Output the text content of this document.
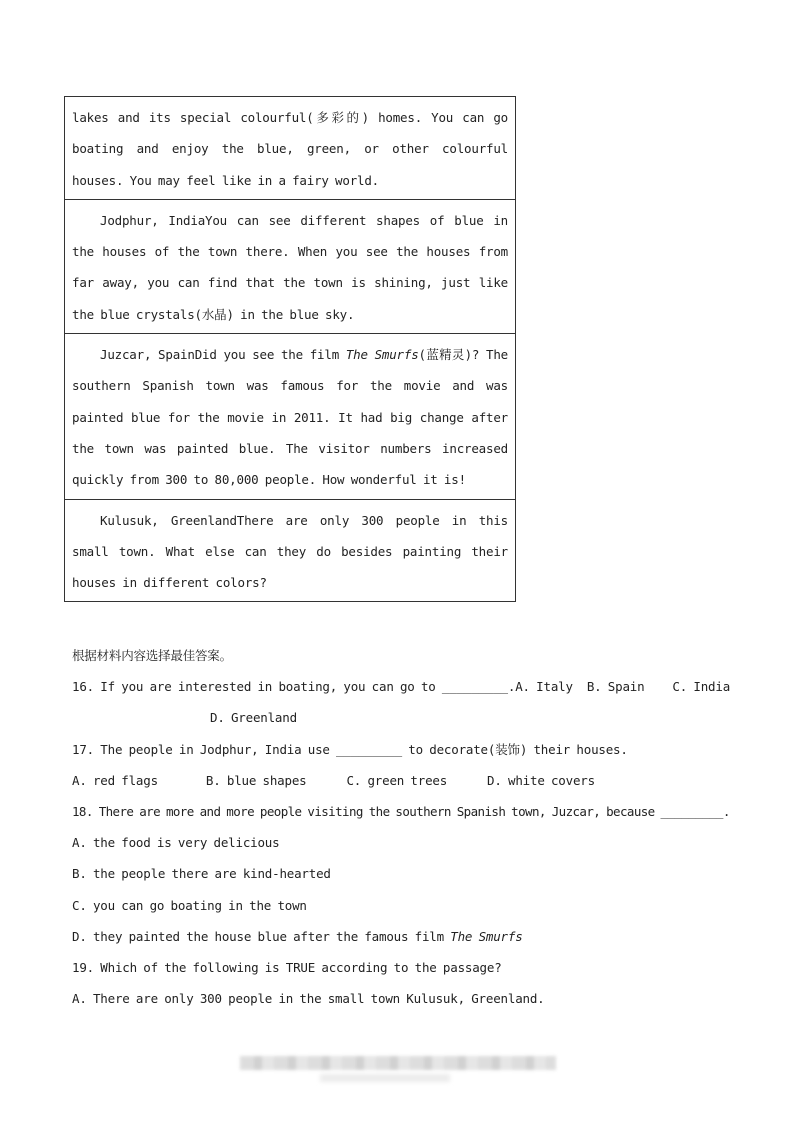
lakes and its special colourful(多彩的) homes. You can go boating and enjoy the blue, green, or other colourful houses. You may feel like in a fairy world.
Jodphur, IndiaYou can see different shapes of blue in the houses of the town there. When you see the houses from far away, you can find that the town is shining, just like the blue crystals(水晶) in the blue sky.
Juzcar, SpainDid you see the film The Smurfs(蓝精灵)? The southern Spanish town was famous for the movie and was painted blue for the movie in 2011. It had big change after the town was painted blue. The visitor numbers increased quickly from 300 to 80,000 people. How wonderful it is!
Kulusuk, GreenlandThere are only 300 people in this small town. What else can they do besides painting their houses in different colors?
根据材料内容选择最佳答案。
16. If you are interested in boating, you can go to _________.A. Italy B. Spain C. India
D. Greenland
17. The people in Jodphur, India use _________ to decorate(装饰) their houses.
A. red flags	B. blue shapes	C. green trees	D. white covers
18. There are more and more people visiting the southern Spanish town, Juzcar, because _________.
A. the food is very delicious
B. the people there are kind-hearted
C. you can go boating in the town
D. they painted the house blue after the famous film The Smurfs
19. Which of the following is TRUE according to the passage?
A. There are only 300 people in the small town Kulusuk, Greenland.
